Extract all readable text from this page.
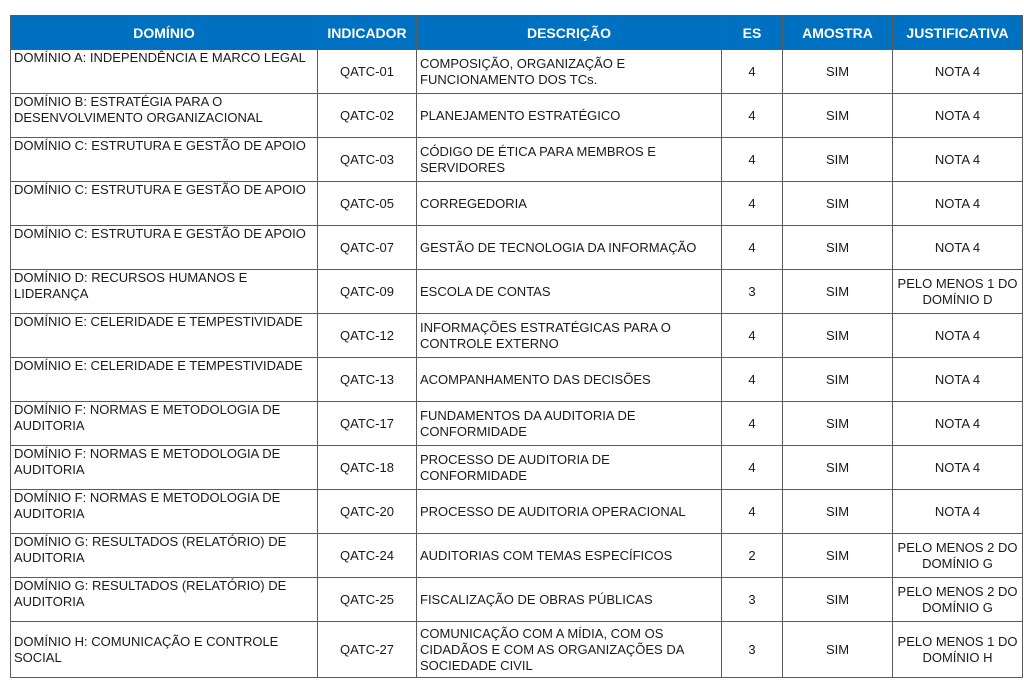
DOMÍNIO	INDICADOR	DESCRIÇÃO	ES	AMOSTRA	JUSTIFICATIVA
DOMÍNIO A: INDEPENDÊNCIA E MARCO LEGAL	QATC-01	COMPOSIÇÃO, ORGANIZAÇÃO E FUNCIONAMENTO DOS TCs.	4	SIM	NOTA 4
DOMÍNIO B: ESTRATÉGIA PARA O DESENVOLVIMENTO ORGANIZACIONAL	QATC-02	PLANEJAMENTO ESTRATÉGICO	4	SIM	NOTA 4
DOMÍNIO C: ESTRUTURA E GESTÃO DE APOIO	QATC-03	CÓDIGO DE ÉTICA PARA MEMBROS E SERVIDORES	4	SIM	NOTA 4
DOMÍNIO C: ESTRUTURA E GESTÃO DE APOIO	QATC-05	CORREGEDORIA	4	SIM	NOTA 4
DOMÍNIO C: ESTRUTURA E GESTÃO DE APOIO	QATC-07	GESTÃO DE TECNOLOGIA DA INFORMAÇÃO	4	SIM	NOTA 4
DOMÍNIO D: RECURSOS HUMANOS E LIDERANÇA	QATC-09	ESCOLA DE CONTAS	3	SIM	PELO MENOS 1 DO DOMÍNIO D
DOMÍNIO E: CELERIDADE E TEMPESTIVIDADE	QATC-12	INFORMAÇÕES ESTRATÉGICAS PARA O CONTROLE EXTERNO	4	SIM	NOTA 4
DOMÍNIO E: CELERIDADE E TEMPESTIVIDADE	QATC-13	ACOMPANHAMENTO DAS DECISÕES	4	SIM	NOTA 4
DOMÍNIO F: NORMAS E METODOLOGIA DE AUDITORIA	QATC-17	FUNDAMENTOS DA AUDITORIA DE CONFORMIDADE	4	SIM	NOTA 4
DOMÍNIO F: NORMAS E METODOLOGIA DE AUDITORIA	QATC-18	PROCESSO DE AUDITORIA DE CONFORMIDADE	4	SIM	NOTA 4
DOMÍNIO F: NORMAS E METODOLOGIA DE AUDITORIA	QATC-20	PROCESSO DE AUDITORIA OPERACIONAL	4	SIM	NOTA 4
DOMÍNIO G: RESULTADOS (RELATÓRIO) DE AUDITORIA	QATC-24	AUDITORIAS COM TEMAS ESPECÍFICOS	2	SIM	PELO MENOS 2 DO DOMÍNIO G
DOMÍNIO G: RESULTADOS (RELATÓRIO) DE AUDITORIA	QATC-25	FISCALIZAÇÃO DE OBRAS PÚBLICAS	3	SIM	PELO MENOS 2 DO DOMÍNIO G
DOMÍNIO H: COMUNICAÇÃO E CONTROLE SOCIAL	QATC-27	COMUNICAÇÃO COM A MÍDIA, COM OS CIDADÃOS E COM AS ORGANIZAÇÕES DA SOCIEDADE CIVIL	3	SIM	PELO MENOS 1 DO DOMÍNIO H
